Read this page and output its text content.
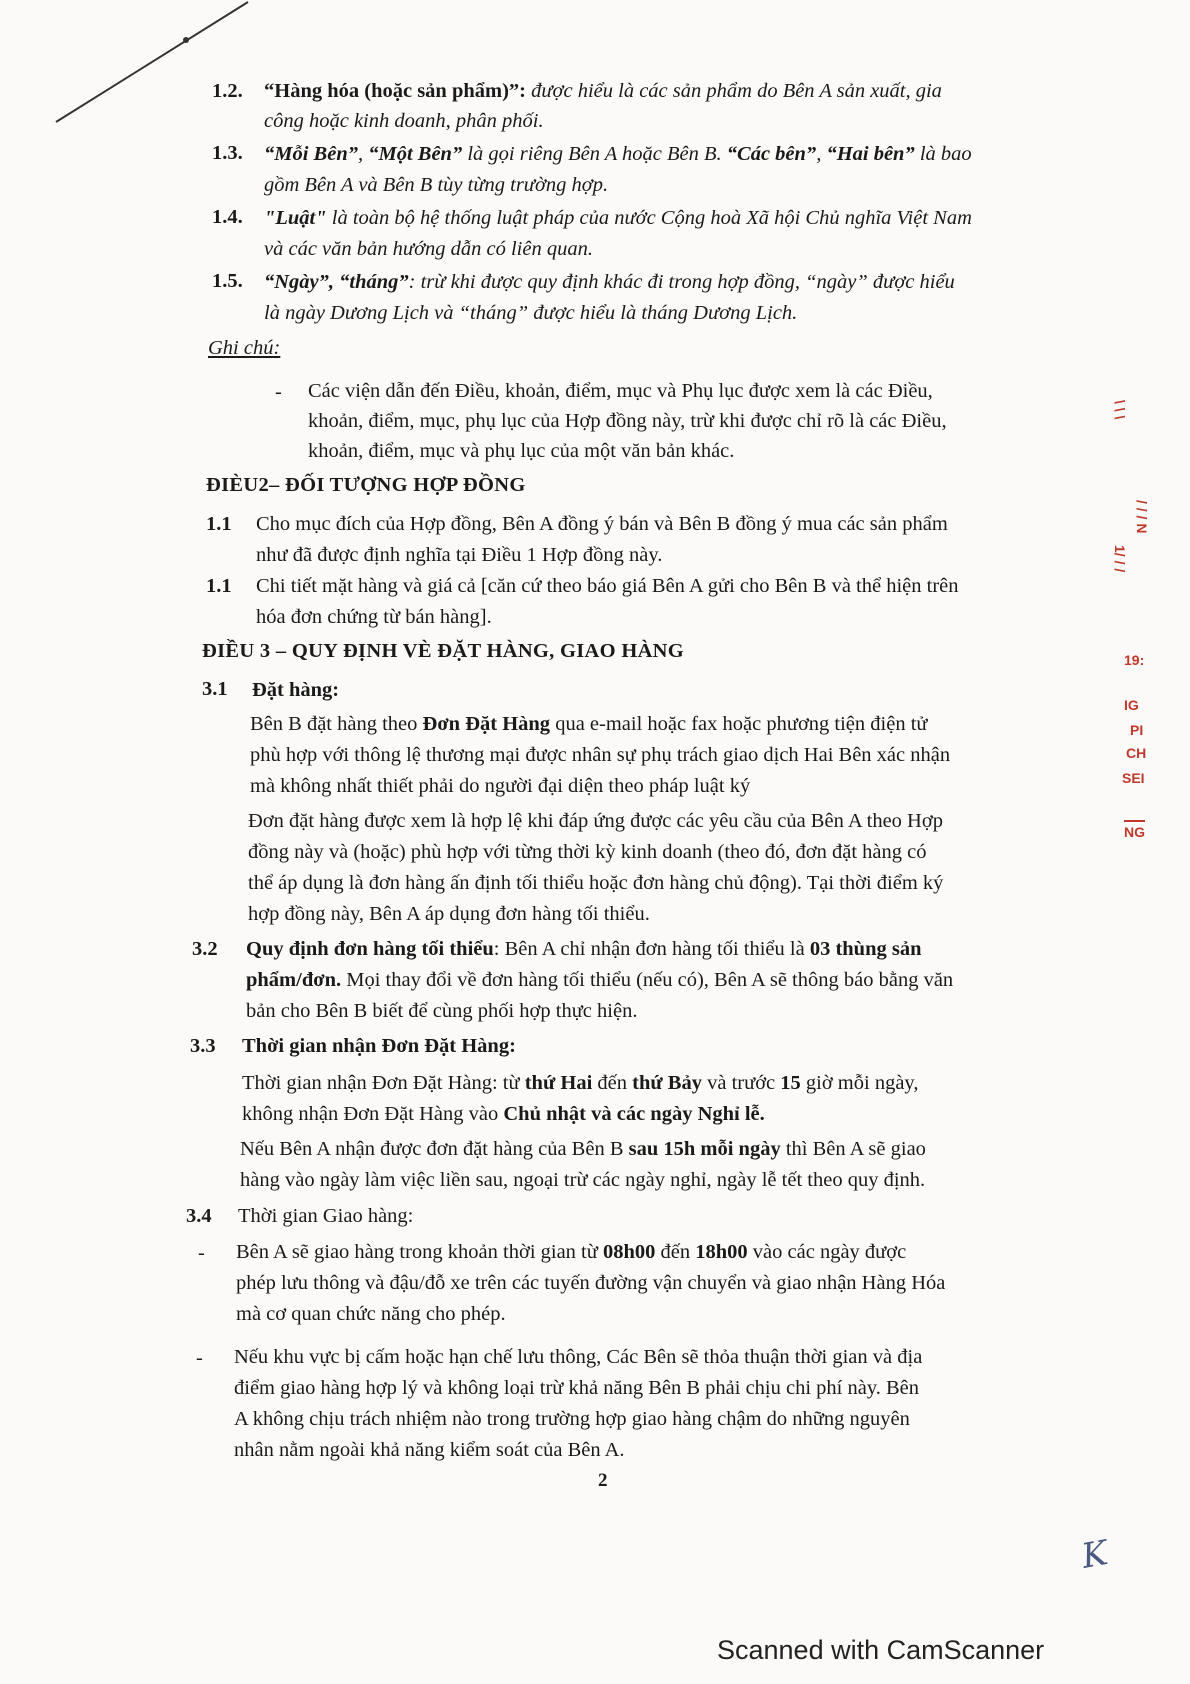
1.2. “Hàng hóa (hoặc sản phẩm)”: được hiểu là các sản phẩm do Bên A sản xuất, gia
công hoặc kinh doanh, phân phối.
1.3. “Mỗi Bên”, “Một Bên” là gọi riêng Bên A hoặc Bên B. “Các bên”, “Hai bên” là bao
gồm Bên A và Bên B tùy từng trường hợp.
1.4. "Luật" là toàn bộ hệ thống luật pháp của nước Cộng hoà Xã hội Chủ nghĩa Việt Nam
và các văn bản hướng dẫn có liên quan.
1.5. “Ngày”, “tháng”: trừ khi được quy định khác đi trong hợp đồng, “ngày” được hiểu
là ngày Dương Lịch và “tháng” được hiểu là tháng Dương Lịch.
Ghi chú:
- Các viện dẫn đến Điều, khoản, điểm, mục và Phụ lục được xem là các Điều,
khoản, điểm, mục, phụ lục của Hợp đồng này, trừ khi được chỉ rõ là các Điều,
khoản, điểm, mục và phụ lục của một văn bản khác.
ĐIÈU2– ĐỐI TƯỢNG HỢP ĐỒNG
1.1 Cho mục đích của Hợp đồng, Bên A đồng ý bán và Bên B đồng ý mua các sản phẩm
như đã được định nghĩa tại Điều 1 Hợp đồng này.
1.1 Chi tiết mặt hàng và giá cả [căn cứ theo báo giá Bên A gửi cho Bên B và thể hiện trên
hóa đơn chứng từ bán hàng].
ĐIỀU 3 – QUY ĐỊNH VÈ ĐẶT HÀNG, GIAO HÀNG
3.1 Đặt hàng:
Bên B đặt hàng theo Đơn Đặt Hàng qua e-mail hoặc fax hoặc phương tiện điện tử
phù hợp với thông lệ thương mại được nhân sự phụ trách giao dịch Hai Bên xác nhận
mà không nhất thiết phải do người đại diện theo pháp luật ký
Đơn đặt hàng được xem là hợp lệ khi đáp ứng được các yêu cầu của Bên A theo Hợp
đồng này và (hoặc) phù hợp với từng thời kỳ kinh doanh (theo đó, đơn đặt hàng có
thể áp dụng là đơn hàng ấn định tối thiểu hoặc đơn hàng chủ động). Tại thời điểm ký
hợp đồng này, Bên A áp dụng đơn hàng tối thiểu.
3.2 Quy định đơn hàng tối thiểu: Bên A chỉ nhận đơn hàng tối thiểu là 03 thùng sản
phẩm/đơn. Mọi thay đổi về đơn hàng tối thiểu (nếu có), Bên A sẽ thông báo bằng văn
bản cho Bên B biết để cùng phối hợp thực hiện.
3.3 Thời gian nhận Đơn Đặt Hàng:
Thời gian nhận Đơn Đặt Hàng: từ thứ Hai đến thứ Bảy và trước 15 giờ mỗi ngày,
không nhận Đơn Đặt Hàng vào Chủ nhật và các ngày Nghỉ lễ.
Nếu Bên A nhận được đơn đặt hàng của Bên B sau 15h mỗi ngày thì Bên A sẽ giao
hàng vào ngày làm việc liền sau, ngoại trừ các ngày nghỉ, ngày lễ tết theo quy định.
3.4 Thời gian Giao hàng:
- Bên A sẽ giao hàng trong khoản thời gian từ 08h00 đến 18h00 vào các ngày được
phép lưu thông và đậu/đỗ xe trên các tuyến đường vận chuyển và giao nhận Hàng Hóa
mà cơ quan chức năng cho phép.
- Nếu khu vực bị cấm hoặc hạn chế lưu thông, Các Bên sẽ thỏa thuận thời gian và địa
điểm giao hàng hợp lý và không loại trừ khả năng Bên B phải chịu chi phí này. Bên
A không chịu trách nhiệm nào trong trường hợp giao hàng chậm do những nguyên
nhân nằm ngoài khả năng kiểm soát của Bên A.
2
\ \ \
/ / / N
1/ / /
19:
IG
PI
CH
SEI
NG
K
Scanned with CamScanner
